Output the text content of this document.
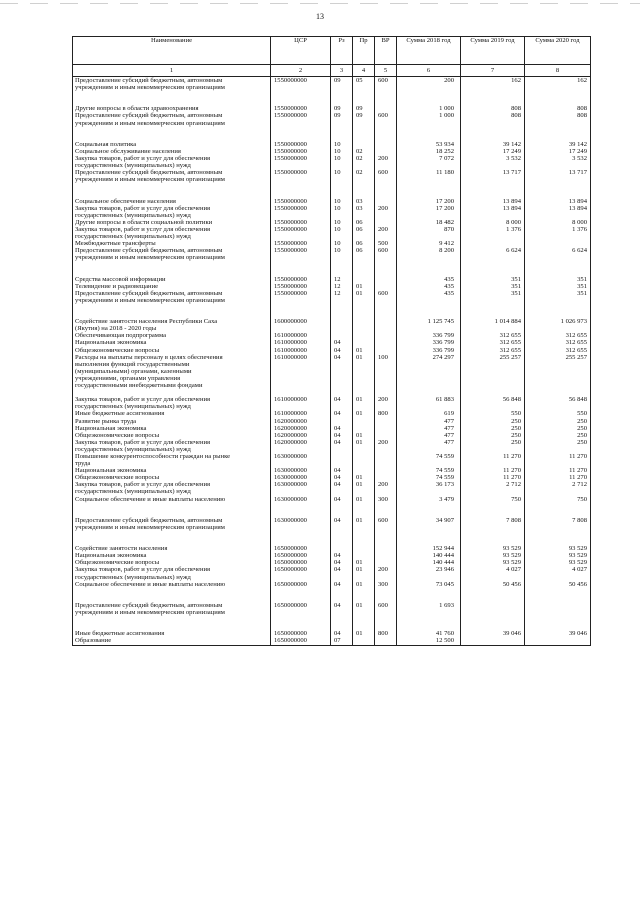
13
Наименование	ЦСР	Рз	Пр	ВР	Сумма 2018 год	Сумма 2019 год	Сумма 2020 год
1	2	3	4	5	6	7	8
Предоставление субсидий бюджетным, автономным	1550000000	09	05	600	200	162	162
учреждениям и иным некоммерческим организациям							

Другие вопросы в области здравоохранения	1550000000	09	09		1 000	808	808
Предоставление субсидий бюджетным, автономным	1550000000	09	09	600	1 000	808	808
учреждениям и иным некоммерческим организациям							

Социальная политика	1550000000	10			53 934	39 142	39 142
Социальное обслуживание населения	1550000000	10	02		18 252	17 249	17 249
Закупка товаров, работ и услуг для обеспечения	1550000000	10	02	200	7 072	3 532	3 532
государственных (муниципальных) нужд							
Предоставление субсидий бюджетным, автономным	1550000000	10	02	600	11 180	13 717	13 717
учреждениям и иным некоммерческим организациям							

Социальное обеспечение населения	1550000000	10	03		17 200	13 894	13 894
Закупка товаров, работ и услуг для обеспечения	1550000000	10	03	200	17 200	13 894	13 894
государственных (муниципальных) нужд							
Другие вопросы в области социальной политики	1550000000	10	06		18 482	8 000	8 000
Закупка товаров, работ и услуг для обеспечения	1550000000	10	06	200	870	1 376	1 376
государственных (муниципальных) нужд							
Межбюджетные трансферты	1550000000	10	06	500	9 412		
Предоставление субсидий бюджетным, автономным	1550000000	10	06	600	8 200	6 624	6 624
учреждениям и иным некоммерческим организациям							

Средства массовой информации	1550000000	12			435	351	351
Телевидение и радиовещание	1550000000	12	01		435	351	351
Предоставление субсидий бюджетным, автономным	1550000000	12	01	600	435	351	351
учреждениям и иным некоммерческим организациям							

Содействие занятости населения Республики Саха	1600000000				1 125 745	1 014 884	1 026 973
(Якутия) на 2018 - 2020 годы							
Обеспечивающая подпрограмма	1610000000				336 799	312 655	312 655
Национальная экономика	1610000000	04			336 799	312 655	312 655
Общеэкономические вопросы	1610000000	04	01		336 799	312 655	312 655
Расходы на выплаты персоналу в целях обеспечения	1610000000	04	01	100	274 297	255 257	255 257
выполнения функций государственными							
(муниципальными) органами, казенными							
учреждениями, органами управления							
государственными внебюджетными фондами							

Закупка товаров, работ и услуг для обеспечения	1610000000	04	01	200	61 883	56 848	56 848
государственных (муниципальных) нужд							
Иные бюджетные ассигнования	1610000000	04	01	800	619	550	550
Развитие рынка труда	1620000000				477	250	250
Национальная экономика	1620000000	04			477	250	250
Общеэкономические вопросы	1620000000	04	01		477	250	250
Закупка товаров, работ и услуг для обеспечения	1620000000	04	01	200	477	250	250
государственных (муниципальных) нужд							
Повышение конкурентоспособности граждан на рынке	1630000000				74 559	11 270	11 270
труда							
Национальная экономика	1630000000	04			74 559	11 270	11 270
Общеэкономические вопросы	1630000000	04	01		74 559	11 270	11 270
Закупка товаров, работ и услуг для обеспечения	1630000000	04	01	200	36 173	2 712	2 712
государственных (муниципальных) нужд							
Социальное обеспечение и иные выплаты населению	1630000000	04	01	300	3 479	750	750

Предоставление субсидий бюджетным, автономным	1630000000	04	01	600	34 907	7 808	7 808
учреждениям и иным некоммерческим организациям							

Содействие занятости населения	1650000000				152 944	93 529	93 529
Национальная экономика	1650000000	04			140 444	93 529	93 529
Общеэкономические вопросы	1650000000	04	01		140 444	93 529	93 529
Закупка товаров, работ и услуг для обеспечения	1650000000	04	01	200	23 946	4 027	4 027
государственных (муниципальных) нужд							
Социальное обеспечение и иные выплаты населению	1650000000	04	01	300	73 045	50 456	50 456

Предоставление субсидий бюджетным, автономным	1650000000	04	01	600	1 693		
учреждениям и иным некоммерческим организациям							

Иные бюджетные ассигнования	1650000000	04	01	800	41 760	39 046	39 046
Образование	1650000000	07			12 500		
